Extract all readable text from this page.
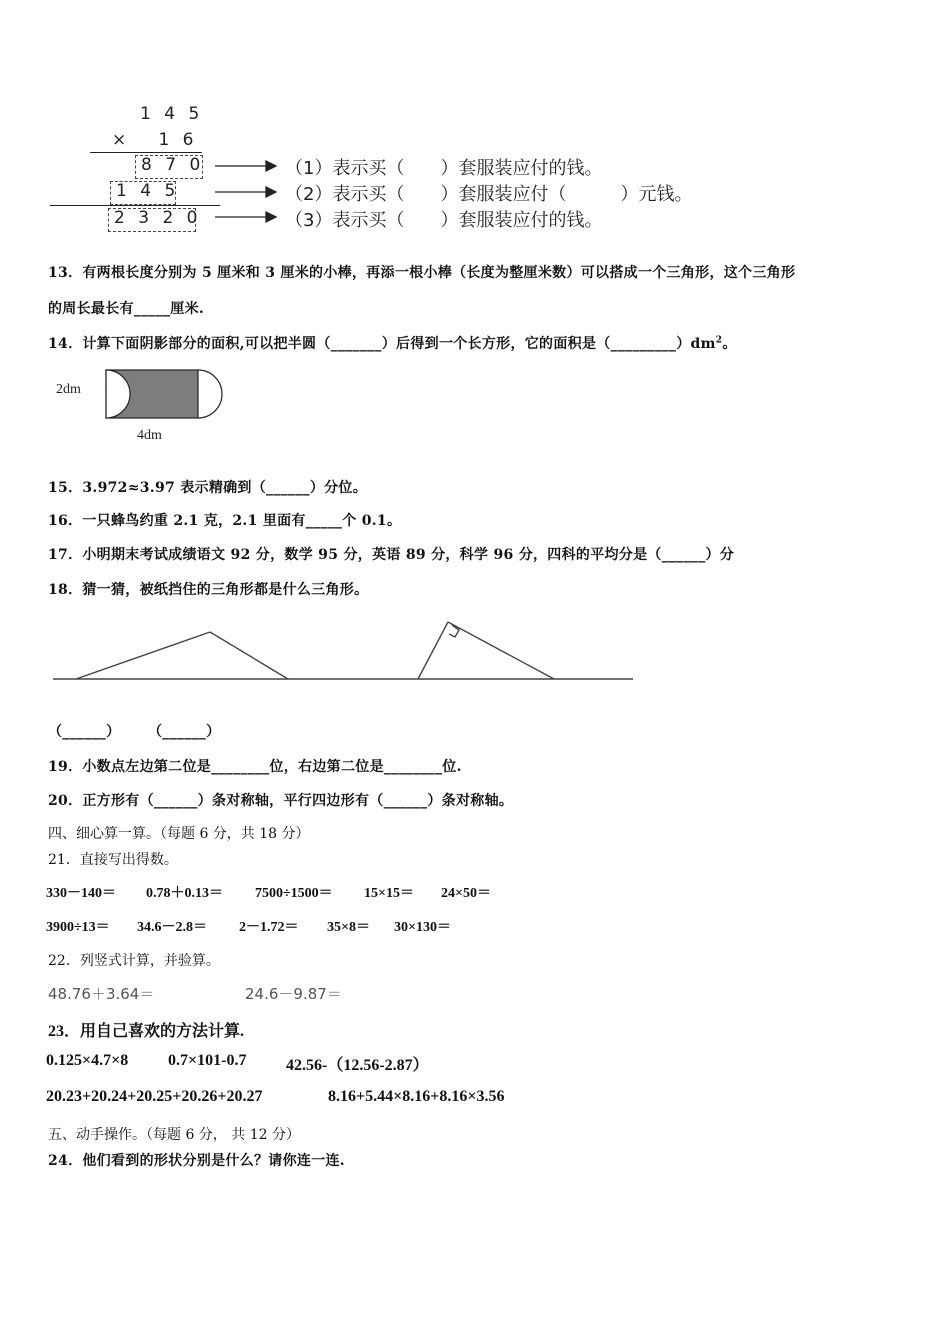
1 4 5
×   1 6
8 7 0
1 4 5
2 3 2 0
（1）表示买（　　）套服装应付的钱。
（2）表示买（　　）套服装应付（　　　）元钱。
（3）表示买（　　）套服装应付的钱。
13．有两根长度分别为 5 厘米和 3 厘米的小棒，再添一根小棒（长度为整厘米数）可以搭成一个三角形，这个三角形
的周长最长有_____厘米.
14．计算下面阴影部分的面积,可以把半圆（_______）后得到一个长方形，它的面积是$(\_\_\_\_\_\_\_\_\_)dm^2$。
2dm
4dm
15．3.972≈3.97 表示精确到（______）分位。
16．一只蜂鸟约重 2.1 克，2.1 里面有_____个 0.1。
17．小明期末考试成绩语文 92 分，数学 95 分，英语 89 分，科学 96 分，四科的平均分是（______）分
18．猜一猜，被纸挡住的三角形都是什么三角形。
（______） （______）
19．小数点左边第二位是________位，右边第二位是________位.
20．正方形有（______）条对称轴，平行四边形有（______）条对称轴。
四、细心算一算。（每题 6 分，共 18 分）
21．直接写出得数。
330－140＝ 0.78＋0.13＝ 7500÷1500＝ 15×15＝ 24×50＝
3900÷13＝ 34.6－2.8＝ 2－1.72＝ 35×8＝ 30×130＝
22．列竖式计算，并验算。
48.76＋3.64＝	24.6－9.87＝
23．用自己喜欢的方法计算.
0.125×4.7×8 0.7×101-0.7 42.56-（12.56-2.87）
20.23+20.24+20.25+20.26+20.27	8.16+5.44×8.16+8.16×3.56
五、动手操作。（每题 6 分， 共 12 分）
24．他们看到的形状分别是什么？请你连一连.
